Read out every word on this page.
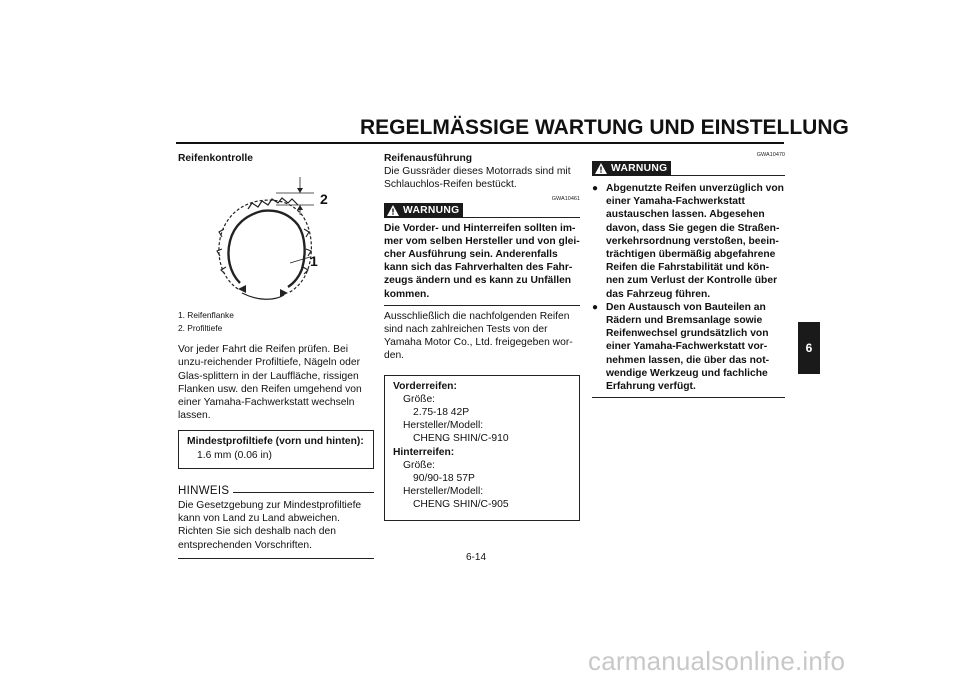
REGELMÄSSIGE WARTUNG UND EINSTELLUNG
6
Reifenkontrolle
2
1
1. Reifenflanke
2. Profiltiefe

Vor jeder Fahrt die Reifen prüfen. Bei unzu-reichender Profiltiefe, Nägeln oder Glas-splittern in der Lauffläche, rissigen Flanken usw. den Reifen umgehend von einer Yamaha-Fachwerkstatt wechseln lassen.

Mindestprofiltiefe (vorn und hinten):
1.6 mm (0.06 in)
HINWEIS
Die Gesetzgebung zur Mindestprofiltiefe kann von Land zu Land abweichen. Richten Sie sich deshalb nach den entsprechenden Vorschriften.
Reifenausführung
Die Gussräder dieses Motorrads sind mit Schlauchlos-Reifen bestückt.
GWA10461
WARNUNG
Die Vorder- und Hinterreifen sollten im-mer vom selben Hersteller und von glei-cher Ausführung sein. Anderenfalls kann sich das Fahrverhalten des Fahr-zeugs ändern und es kann zu Unfällen kommen.

Ausschließlich die nachfolgenden Reifen sind nach zahlreichen Tests von der Yamaha Motor Co., Ltd. freigegeben wor-den.

Vorderreifen:
Größe:
2.75-18 42P
Hersteller/Modell:
CHENG SHIN/C-910
Hinterreifen:
Größe:
90/90-18 57P
Hersteller/Modell:
CHENG SHIN/C-905
GWA10470
WARNUNG
● Abgenutzte Reifen unverzüglich von einer Yamaha-Fachwerkstatt austauschen lassen. Abgesehen davon, dass Sie gegen die Straßen-verkehrsordnung verstoßen, beein-trächtigen übermäßig abgefahrene Reifen die Fahrstabilität und kön-nen zum Verlust der Kontrolle über das Fahrzeug führen.
● Den Austausch von Bauteilen an Rädern und Bremsanlage sowie Reifenwechsel grundsätzlich von einer Yamaha-Fachwerkstatt vor-nehmen lassen, die über das not-wendige Werkzeug und fachliche Erfahrung verfügt.
6-14
carmanualsonline.info
